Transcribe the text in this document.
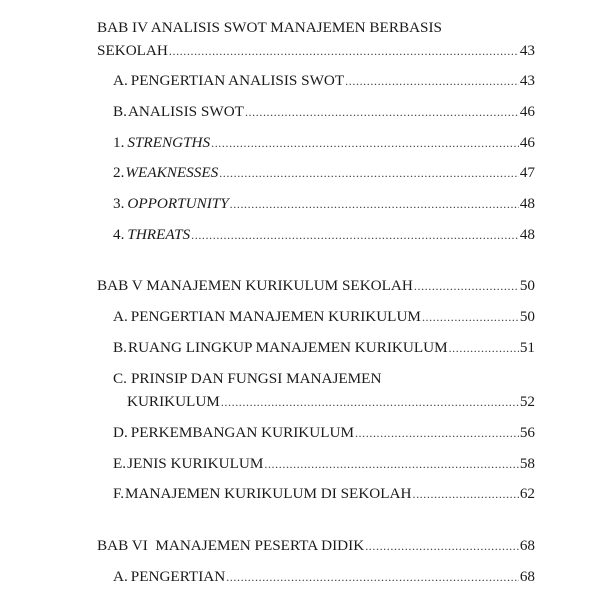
BAB IV ANALISIS SWOT MANAJEMEN BERBASIS
SEKOLAH .....	43
A. PENGERTIAN ANALISIS SWOT .....	43
B. ANALISIS SWOT .....	46
1. STRENGTHS .....	46
2. WEAKNESSES .....	47
3. OPPORTUNITY .....	48
4. THREATS .....	48
BAB V MANAJEMEN KURIKULUM SEKOLAH .....	50
A. PENGERTIAN MANAJEMEN KURIKULUM .....	50
B. RUANG LINGKUP MANAJEMEN KURIKULUM .....	51
C. PRINSIP DAN FUNGSI MANAJEMEN
KURIKULUM .....	52
D. PERKEMBANGAN KURIKULUM .....	56
E. JENIS KURIKULUM .....	58
F. MANAJEMEN KURIKULUM DI SEKOLAH .....	62
BAB VI  MANAJEMEN PESERTA DIDIK .....	68
A. PENGERTIAN .....	68
